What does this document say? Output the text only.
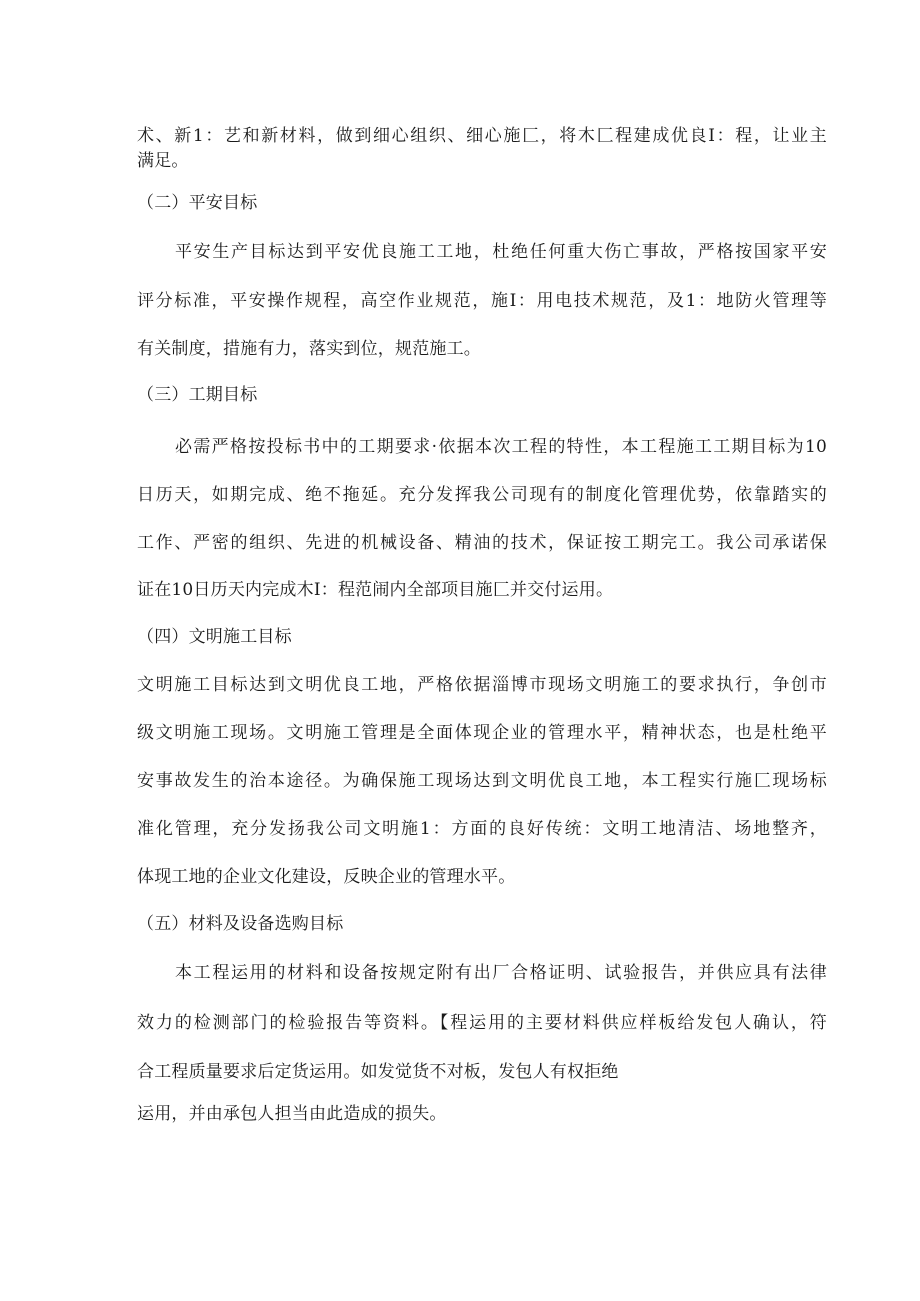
术、新1：艺和新材料，做到细心组织、细心施匚，将木匚程建成优良I：程，让业主
满足。
（二）平安目标
平安生产目标达到平安优良施工工地，杜绝任何重大伤亡事故，严格按国家平安
评分标准，平安操作规程，高空作业规范，施I：用电技术规范，及1：地防火管理等
有关制度，措施有力，落实到位，规范施工。
（三）工期目标
必需严格按投标书中的工期要求·依据本次工程的特性，本工程施工工期目标为10
日历天，如期完成、绝不拖延。充分发挥我公司现有的制度化管理优势，依靠踏实的
工作、严密的组织、先进的机械设备、精油的技术，保证按工期完工。我公司承诺保
证在10日历天内完成木I：程范闹内全部项目施匚并交付运用。
（四）文明施工目标
文明施工目标达到文明优良工地，严格依据淄博市现场文明施工的要求执行，争创市
级文明施工现场。文明施工管理是全面体现企业的管理水平，精神状态，也是杜绝平
安事故发生的治本途径。为确保施工现场达到文明优良工地，本工程实行施匚现场标
准化管理，充分发扬我公司文明施1：方面的良好传统：文明工地清洁、场地整齐，
体现工地的企业文化建设，反映企业的管理水平。
（五）材料及设备选购目标
本工程运用的材料和设备按规定附有出厂合格证明、试验报告，并供应具有法律
效力的检测部门的检验报告等资料。【程运用的主要材料供应样板给发包人确认，符
合工程质量要求后定货运用。如发觉货不对板，发包人有权拒绝
运用，并由承包人担当由此造成的损失。
